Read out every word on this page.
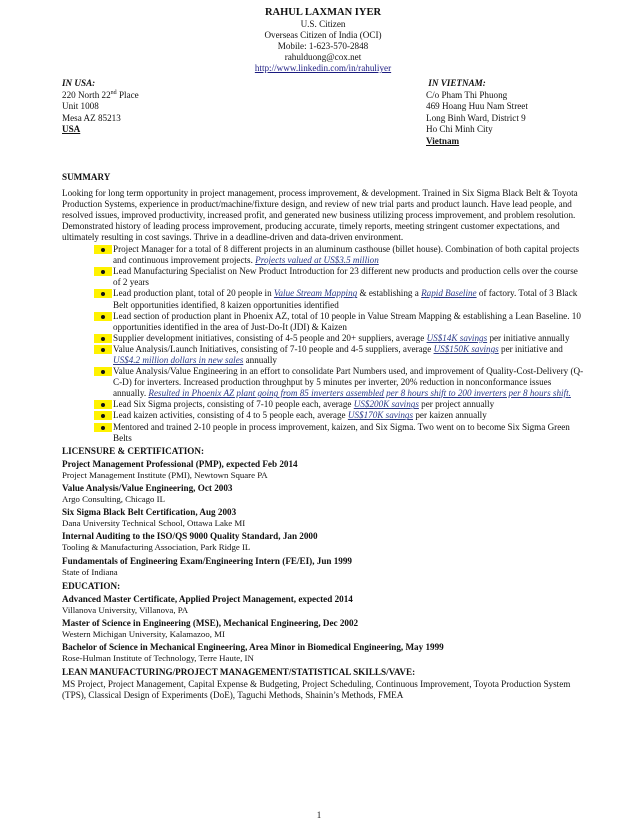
RAHUL LAXMAN IYER
U.S. Citizen
Overseas Citizen of India (OCI)
Mobile: 1-623-570-2848
rahulduong@cox.net
http://www.linkedin.com/in/rahuliyer
IN USA:
220 North 22nd Place
Unit 1008
Mesa AZ 85213
USA
IN VIETNAM:
C/o Pham Thi Phuong
469 Hoang Huu Nam Street
Long Binh Ward, District 9
Ho Chi Minh City
Vietnam
SUMMARY
Looking for long term opportunity in project management, process improvement, & development. Trained in Six Sigma Black Belt & Toyota Production Systems, experience in product/machine/fixture design, and review of new trial parts and product launch. Have lead people, and resolved issues, improved productivity, increased profit, and generated new business utilizing process improvement, and problem resolution. Demonstrated history of leading process improvement, producing accurate, timely reports, meeting stringent customer expectations, and ultimately resulting in cost savings. Thrive in a deadline-driven and data-driven environment.
Project Manager for a total of 8 different projects in an aluminum casthouse (billet house). Combination of both capital projects and continuous improvement projects. Projects valued at US$3.5 million
Lead Manufacturing Specialist on New Product Introduction for 23 different new products and production cells over the course of 2 years
Lead production plant, total of 20 people in Value Stream Mapping & establishing a Rapid Baseline of factory. Total of 3 Black Belt opportunities identified, 8 kaizen opportunities identified
Lead section of production plant in Phoenix AZ, total of 10 people in Value Stream Mapping & establishing a Lean Baseline. 10 opportunities identified in the area of Just-Do-It (JDI) & Kaizen
Supplier development initiatives, consisting of 4-5 people and 20+ suppliers, average US$14K savings per initiative annually
Value Analysis/Launch Initiatives, consisting of 7-10 people and 4-5 suppliers, average US$150K savings per initiative and US$4.2 million dollars in new sales annually
Value Analysis/Value Engineering in an effort to consolidate Part Numbers used, and improvement of Quality-Cost-Delivery (Q-C-D) for inverters. Increased production throughput by 5 minutes per inverter, 20% reduction in nonconformance issues annually. Resulted in Phoenix AZ plant going from 85 inverters assembled per 8 hours shift to 200 inverters per 8 hours shift.
Lead Six Sigma projects, consisting of 7-10 people each, average US$200K savings per project annually
Lead kaizen activities, consisting of 4 to 5 people each, average US$170K savings per kaizen annually
Mentored and trained 2-10 people in process improvement, kaizen, and Six Sigma. Two went on to become Six Sigma Green Belts
LICENSURE & CERTIFICATION:
Project Management Professional (PMP), expected Feb 2014
Project Management Institute (PMI), Newtown Square PA
Value Analysis/Value Engineering, Oct 2003
Argo Consulting, Chicago IL
Six Sigma Black Belt Certification, Aug 2003
Dana University Technical School, Ottawa Lake MI
Internal Auditing to the ISO/QS 9000 Quality Standard, Jan 2000
Tooling & Manufacturing Association, Park Ridge IL
Fundamentals of Engineering Exam/Engineering Intern (FE/EI), Jun 1999
State of Indiana
EDUCATION:
Advanced Master Certificate, Applied Project Management, expected 2014
Villanova University, Villanova, PA
Master of Science in Engineering (MSE), Mechanical Engineering, Dec 2002
Western Michigan University, Kalamazoo, MI
Bachelor of Science in Mechanical Engineering, Area Minor in Biomedical Engineering, May 1999
Rose-Hulman Institute of Technology, Terre Haute, IN
LEAN MANUFACTURING/PROJECT MANAGEMENT/STATISTICAL SKILLS/VAVE:
MS Project, Project Management, Capital Expense & Budgeting, Project Scheduling, Continuous Improvement, Toyota Production System (TPS), Classical Design of Experiments (DoE), Taguchi Methods, Shainin’s Methods, FMEA
1
